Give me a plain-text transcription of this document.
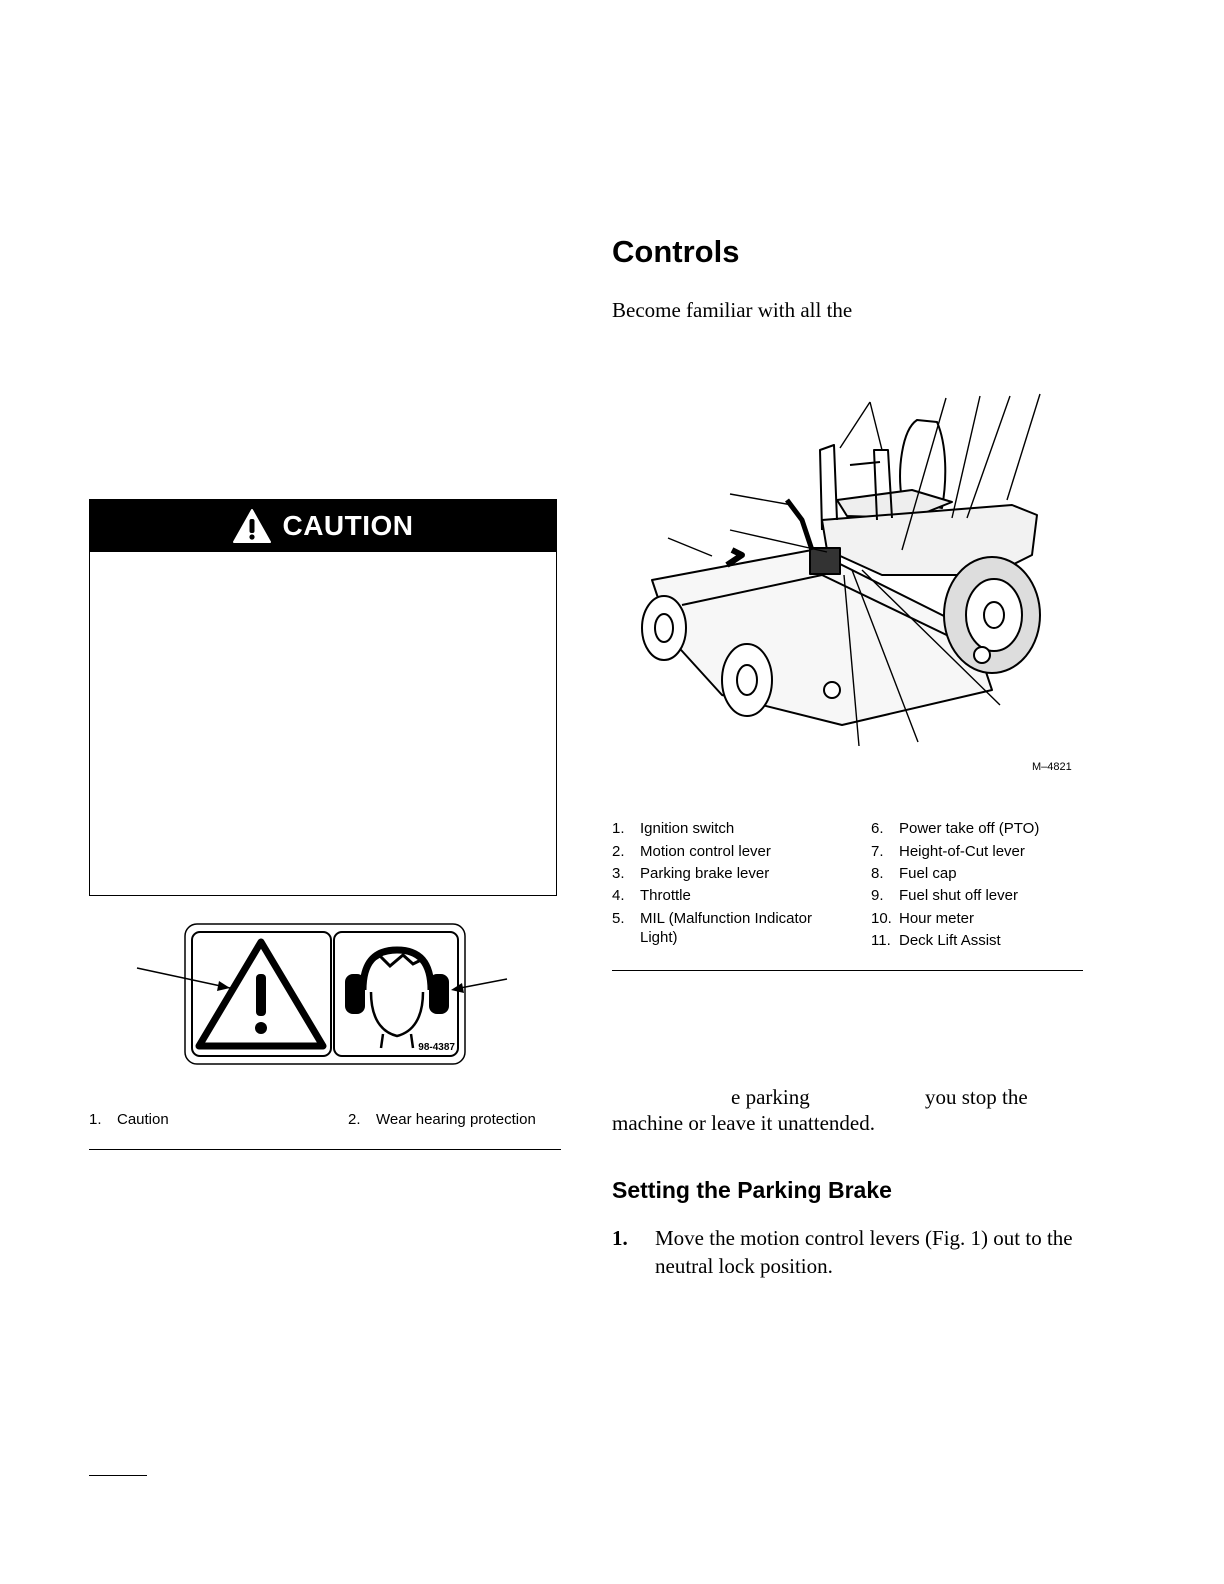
CAUTION
98-4387
1. Caution	2. Wear hearing protection
Controls
Become familiar with all the
M–4821
1. Ignition switch
2. Motion control lever
3. Parking brake lever
4. Throttle
5. MIL (Malfunction Indicator Light)
6. Power take off (PTO)
7. Height-of-Cut lever
8. Fuel cap
9. Fuel shut off lever
10. Hour meter
11. Deck Lift Assist
e parking	you stop the
machine or leave it unattended.
Setting the Parking Brake
1. Move the motion control levers (Fig. 1) out to the neutral lock position.
